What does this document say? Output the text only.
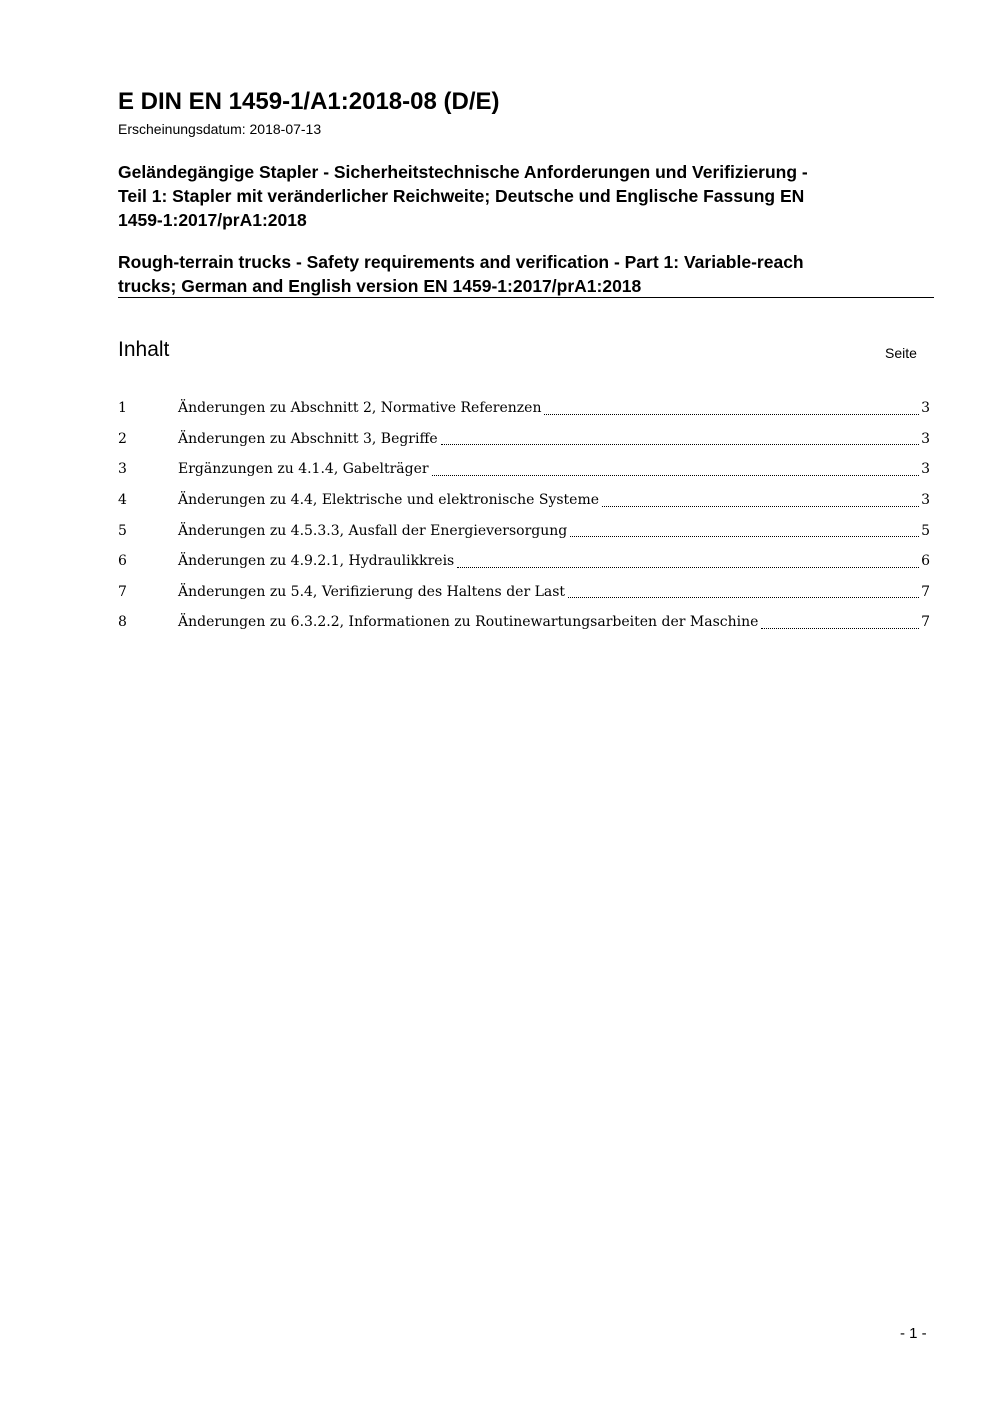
E DIN EN 1459-1/A1:2018-08 (D/E)
Erscheinungsdatum: 2018-07-13
Geländegängige Stapler - Sicherheitstechnische Anforderungen und Verifizierung -
Teil 1: Stapler mit veränderlicher Reichweite; Deutsche und Englische Fassung EN
1459-1:2017/prA1:2018
Rough-terrain trucks - Safety requirements and verification - Part 1: Variable-reach
trucks; German and English version EN 1459-1:2017/prA1:2018
Inhalt	Seite
1	Änderungen zu Abschnitt 2, Normative Referenzen	3
2	Änderungen zu Abschnitt 3, Begriffe	3
3	Ergänzungen zu 4.1.4, Gabelträger	3
4	Änderungen zu 4.4, Elektrische und elektronische Systeme	3
5	Änderungen zu 4.5.3.3, Ausfall der Energieversorgung	5
6	Änderungen zu 4.9.2.1, Hydraulikkreis	6
7	Änderungen zu 5.4, Verifizierung des Haltens der Last	7
8	Änderungen zu 6.3.2.2, Informationen zu Routinewartungsarbeiten der Maschine	7
- 1 -
